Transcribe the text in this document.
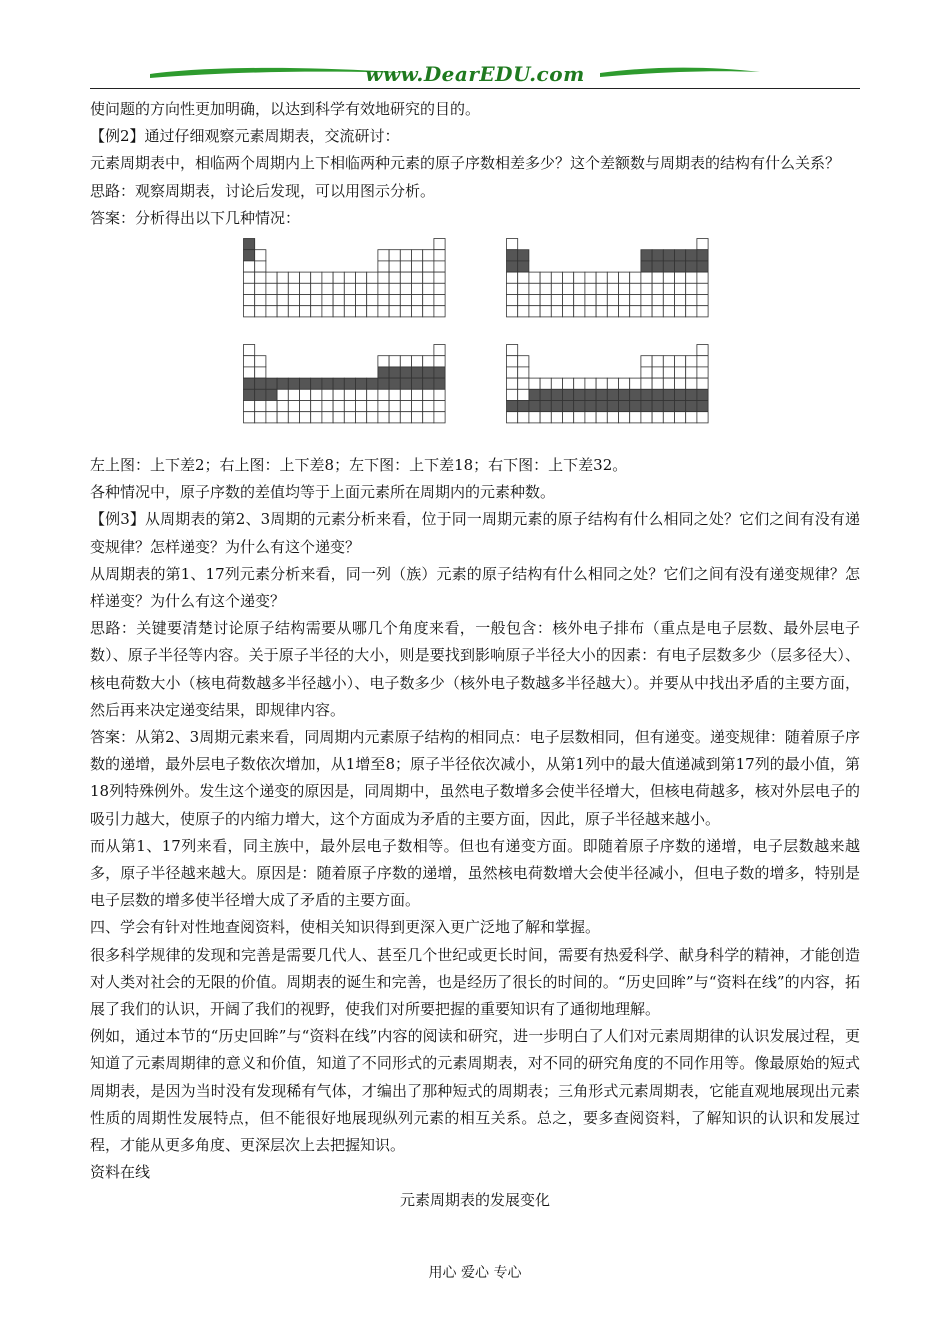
www.DearEDU.com

使问题的方向性更加明确，以达到科学有效地研究的目的。

【例2】通过仔细观察元素周期表，交流研讨：

元素周期表中，相临两个周期内上下相临两种元素的原子序数相差多少？这个差额数与周期表的结构有什么关系？

思路：观察周期表，讨论后发现，可以用图示分析。

答案：分析得出以下几种情况：

左上图：上下差2；右上图：上下差8；左下图：上下差18；右下图：上下差32。

各种情况中，原子序数的差值均等于上面元素所在周期内的元素种数。

【例3】从周期表的第2、3周期的元素分析来看，位于同一周期元素的原子结构有什么相同之处？它们之间有没有递变规律？怎样递变？为什么有这个递变？

从周期表的第1、17列元素分析来看，同一列（族）元素的原子结构有什么相同之处？它们之间有没有递变规律？怎样递变？为什么有这个递变？

思路：关键要清楚讨论原子结构需要从哪几个角度来看，一般包含：核外电子排布（重点是电子层数、最外层电子数）、原子半径等内容。关于原子半径的大小，则是要找到影响原子半径大小的因素：有电子层数多少（层多径大）、核电荷数大小（核电荷数越多半径越小）、电子数多少（核外电子数越多半径越大）。并要从中找出矛盾的主要方面，然后再来决定递变结果，即规律内容。

答案：从第2、3周期元素来看，同周期内元素原子结构的相同点：电子层数相同，但有递变。递变规律：随着原子序数的递增，最外层电子数依次增加，从1增至8；原子半径依次减小，从第1列中的最大值递减到第17列的最小值，第18列特殊例外。发生这个递变的原因是，同周期中，虽然电子数增多会使半径增大，但核电荷越多，核对外层电子的吸引力越大，使原子的内缩力增大，这个方面成为矛盾的主要方面，因此，原子半径越来越小。

而从第1、17列来看，同主族中，最外层电子数相等。但也有递变方面。即随着原子序数的递增，电子层数越来越多，原子半径越来越大。原因是：随着原子序数的递增，虽然核电荷数增大会使半径减小，但电子数的增多，特别是电子层数的增多使半径增大成了矛盾的主要方面。

四、学会有针对性地查阅资料，使相关知识得到更深入更广泛地了解和掌握。

很多科学规律的发现和完善是需要几代人、甚至几个世纪或更长时间，需要有热爱科学、献身科学的精神，才能创造对人类对社会的无限的价值。周期表的诞生和完善，也是经历了很长的时间的。“历史回眸”与“资料在线”的内容，拓展了我们的认识，开阔了我们的视野，使我们对所要把握的重要知识有了通彻地理解。

例如，通过本节的“历史回眸”与“资料在线”内容的阅读和研究，进一步明白了人们对元素周期律的认识发展过程，更知道了元素周期律的意义和价值，知道了不同形式的元素周期表，对不同的研究角度的不同作用等。像最原始的短式周期表，是因为当时没有发现稀有气体，才编出了那种短式的周期表；三角形式元素周期表，它能直观地展现出元素性质的周期性发展特点，但不能很好地展现纵列元素的相互关系。总之，要多查阅资料，了解知识的认识和发展过程，才能从更多角度、更深层次上去把握知识。

资料在线

元素周期表的发展变化

用心 爱心 专心
